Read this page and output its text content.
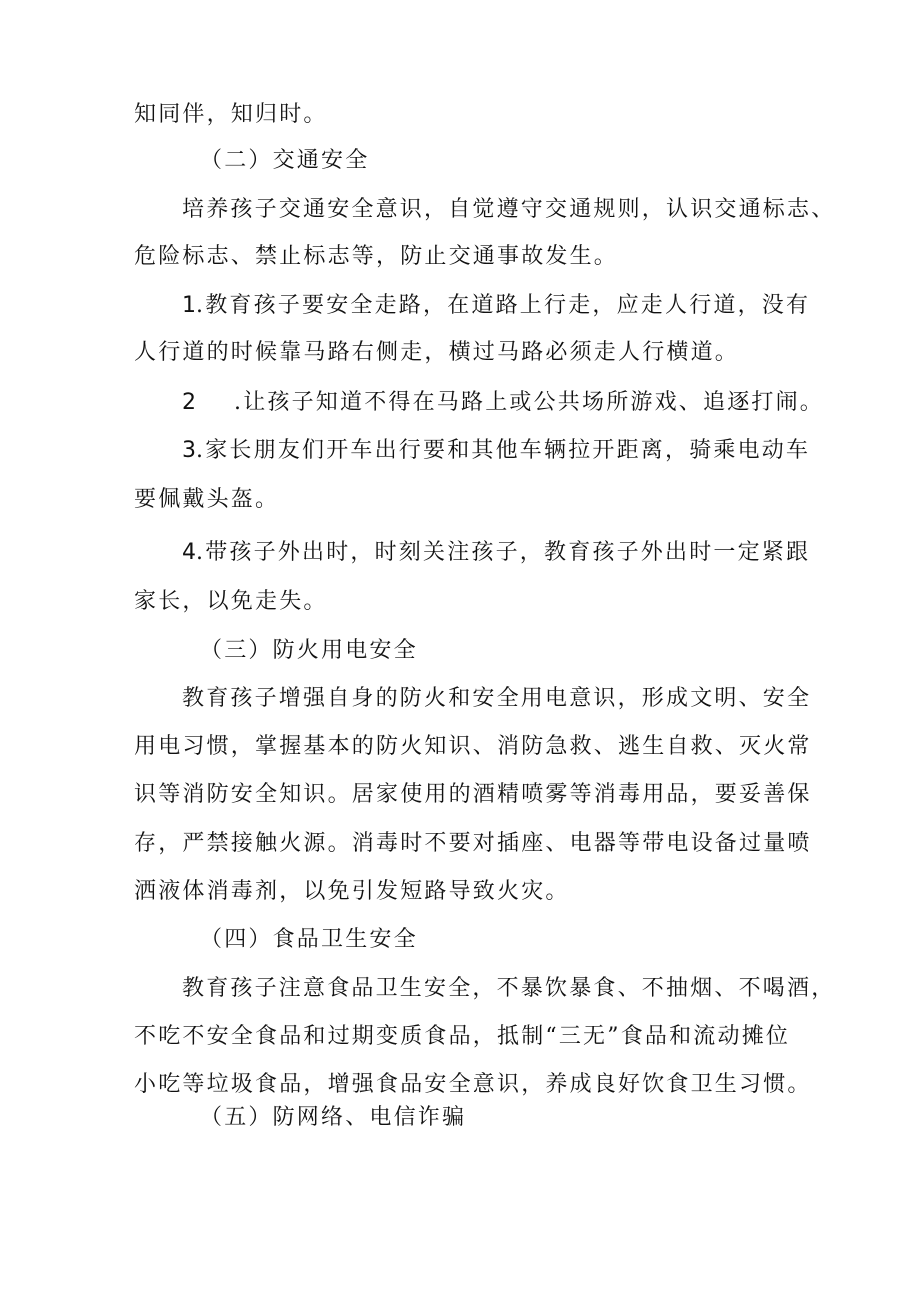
知同伴，知归时。

（二）交通安全

培养孩子交通安全意识，自觉遵守交通规则，认识交通标志、

危险标志、禁止标志等，防止交通事故发生。

1.教育孩子要安全走路，在道路上行走，应走人行道，没有

人行道的时候靠马路右侧走，横过马路必须走人行横道。

2 .让孩子知道不得在马路上或公共场所游戏、追逐打闹。

3.家长朋友们开车出行要和其他车辆拉开距离，骑乘电动车

要佩戴头盔。

4.带孩子外出时，时刻关注孩子，教育孩子外出时一定紧跟

家长，以免走失。

（三）防火用电安全

教育孩子增强自身的防火和安全用电意识，形成文明、安全

用电习惯，掌握基本的防火知识、消防急救、逃生自救、灭火常

识等消防安全知识。居家使用的酒精喷雾等消毒用品，要妥善保

存，严禁接触火源。消毒时不要对插座、电器等带电设备过量喷

洒液体消毒剂，以免引发短路导致火灾。

（四）食品卫生安全

教育孩子注意食品卫生安全，不暴饮暴食、不抽烟、不喝酒，

不吃不安全食品和过期变质食品，抵制“三无”食品和流动摊位

小吃等垃圾食品，增强食品安全意识，养成良好饮食卫生习惯。

（五）防网络、电信诈骗
